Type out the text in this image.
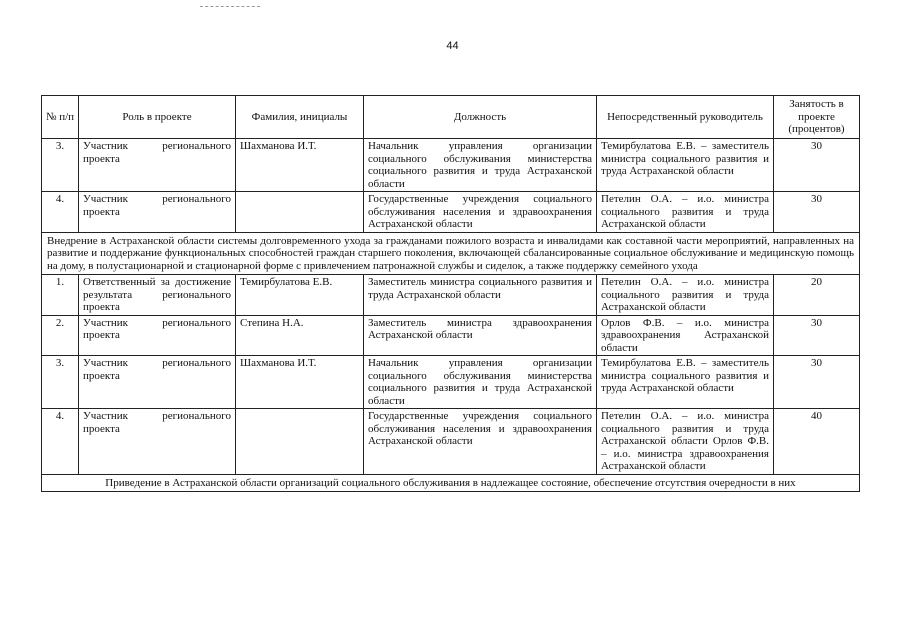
44
№ п/п	Роль в проекте	Фамилия, инициалы	Должность	Непосредственный руководитель	Занятость в проекте (процентов)
3.	Участник регионального проекта	Шахманова И.Т.	Начальник управления организации социального обслуживания министерства социального развития и труда Астраханской области	Темирбулатова Е.В. – заместитель министра социального развития и труда Астраханской области	30
4.	Участник регионального проекта		Государственные учреждения социального обслуживания населения и здравоохранения Астраханской области	Петелин О.А. – и.о. министра социального развития и труда Астраханской области	30
Внедрение в Астраханской области системы долговременного ухода за гражданами пожилого возраста и инвалидами как составной части мероприятий, направленных на развитие и поддержание функциональных способностей граждан старшего поколения, включающей сбалансированные социальное обслуживание и медицинскую помощь на дому, в полустационарной и стационарной форме с привлечением патронажной службы и сиделок, а также поддержку семейного ухода					
1.	Ответственный за достижение результата регионального проекта	Темирбулатова Е.В.	Заместитель министра социального развития и труда Астраханской области	Петелин О.А. – и.о. министра социального развития и труда Астраханской области	20
2.	Участник регионального проекта	Степина Н.А.	Заместитель министра здравоохранения Астраханской области	Орлов Ф.В. – и.о. министра здравоохранения Астраханской области	30
3.	Участник регионального проекта	Шахманова И.Т.	Начальник управления организации социального обслуживания министерства социального развития и труда Астраханской области	Темирбулатова Е.В. – заместитель министра социального развития и труда Астраханской области	30
4.	Участник регионального проекта		Государственные учреждения социального обслуживания населения и здравоохранения Астраханской области	Петелин О.А. – и.о. министра социального развития и труда Астраханской области Орлов Ф.В. – и.о. министра здравоохранения Астраханской области	40
Приведение в Астраханской области организаций социального обслуживания в надлежащее состояние, обеспечение отсутствия очередности в них					
